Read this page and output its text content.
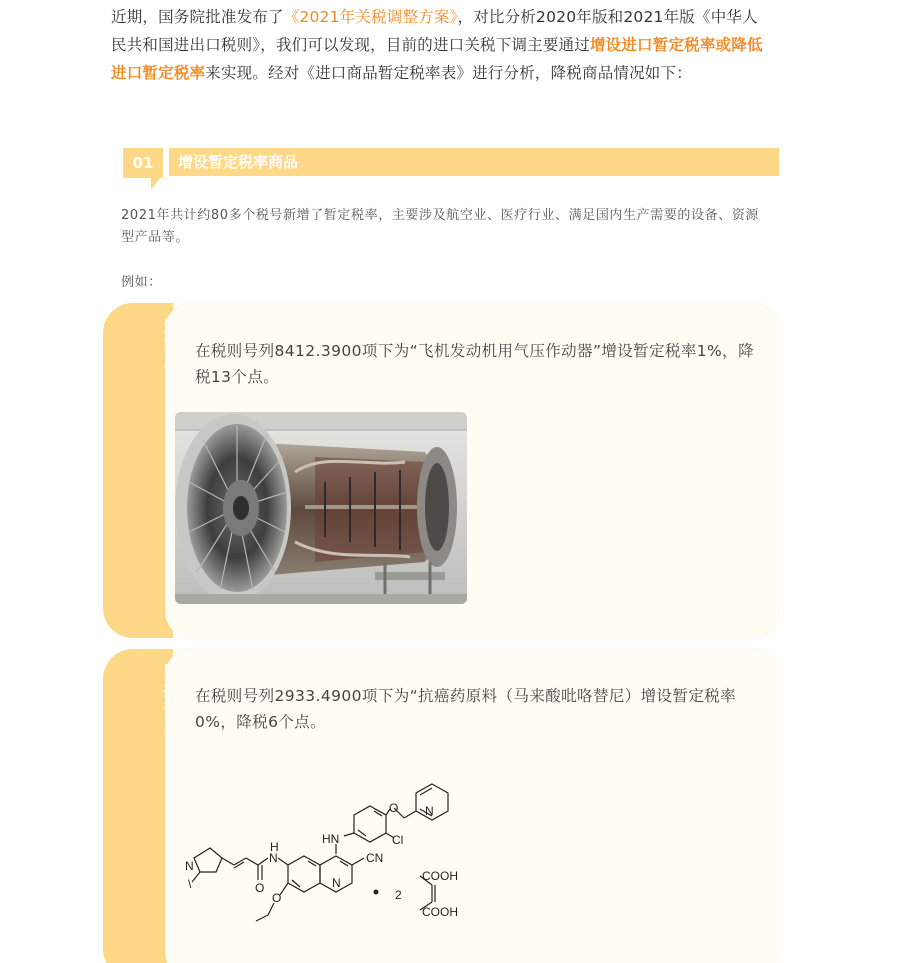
近期，国务院批准发布了《2021年关税调整方案》，对比分析2020年版和2021年版《中华人民共和国进出口税则》，我们可以发现，目前的进口关税下调主要通过增设进口暂定税率或降低进口暂定税率来实现。经对《进口商品暂定税率表》进行分析，降税商品情况如下：
01	增设暂定税率商品
2021年共计约80多个税号新增了暂定税率，主要涉及航空业、医疗行业、满足国内生产需要的设备、资源型产品等。
例如：
在税则号列8412.3900项下为“飞机发动机用气压作动器”增设暂定税率1%，降税13个点。
在税则号列2933.4900项下为“抗癌药原料（马来酸吡咯替尼）增设暂定税率0%，降税6个点。
N
O
Cl
HN
CN
N
N
H
O
N
\
O	2
COOH
COOH
